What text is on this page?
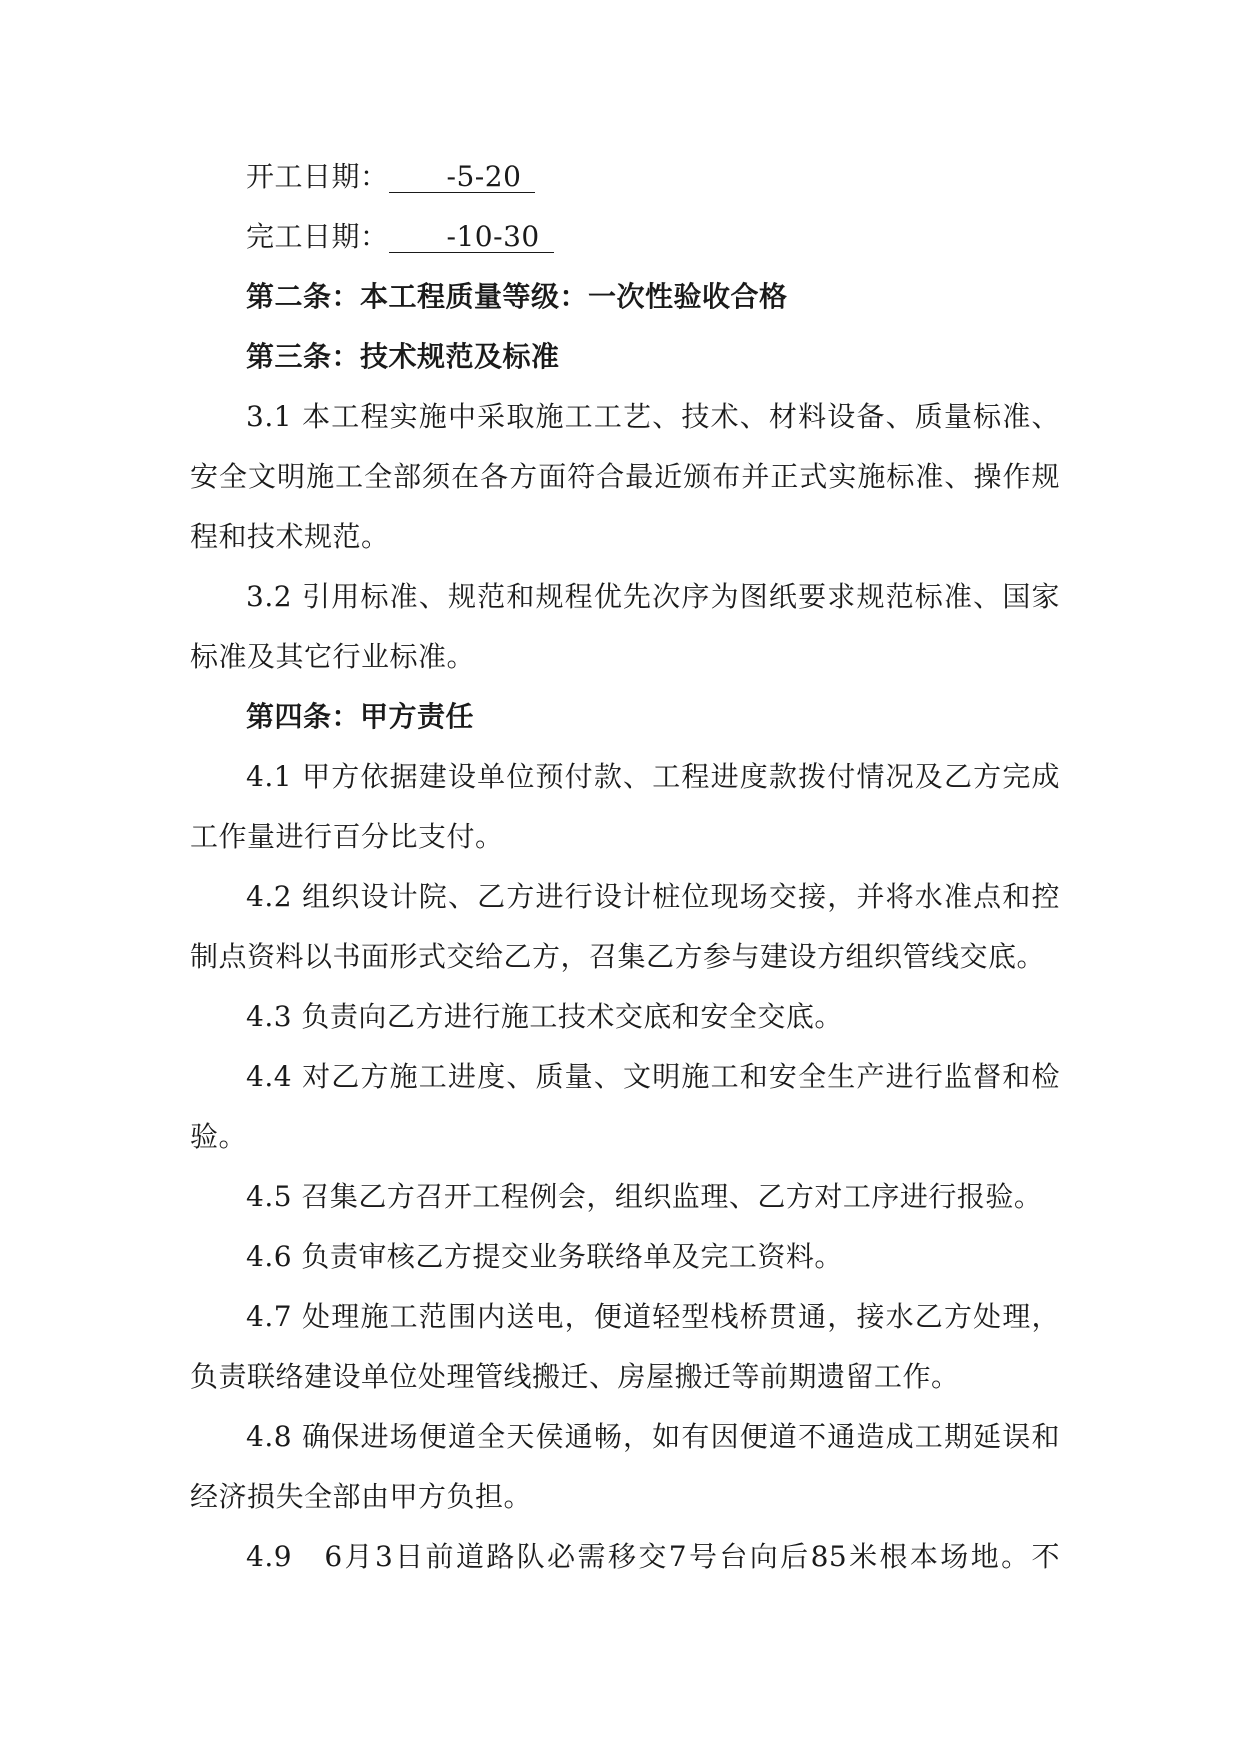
开工日期： -5-20
完工日期： -10-30
第二条：本工程质量等级：一次性验收合格
第三条：技术规范及标准
3.1 本工程实施中采取施工工艺、技术、材料设备、质量标准、
安全文明施工全部须在各方面符合最近颁布并正式实施标准、操作规
程和技术规范。
3.2 引用标准、规范和规程优先次序为图纸要求规范标准、国家
标准及其它行业标准。
第四条：甲方责任
4.1 甲方依据建设单位预付款、工程进度款拨付情况及乙方完成
工作量进行百分比支付。
4.2 组织设计院、乙方进行设计桩位现场交接，并将水准点和控
制点资料以书面形式交给乙方，召集乙方参与建设方组织管线交底。
4.3 负责向乙方进行施工技术交底和安全交底。
4.4 对乙方施工进度、质量、文明施工和安全生产进行监督和检
验。
4.5 召集乙方召开工程例会，组织监理、乙方对工序进行报验。
4.6 负责审核乙方提交业务联络单及完工资料。
4.7 处理施工范围内送电，便道轻型栈桥贯通，接水乙方处理，
负责联络建设单位处理管线搬迁、房屋搬迁等前期遗留工作。
4.8 确保进场便道全天侯通畅，如有因便道不通造成工期延误和
经济损失全部由甲方负担。
4.9　6月3日前道路队必需移交7号台向后85米根本场地。不
